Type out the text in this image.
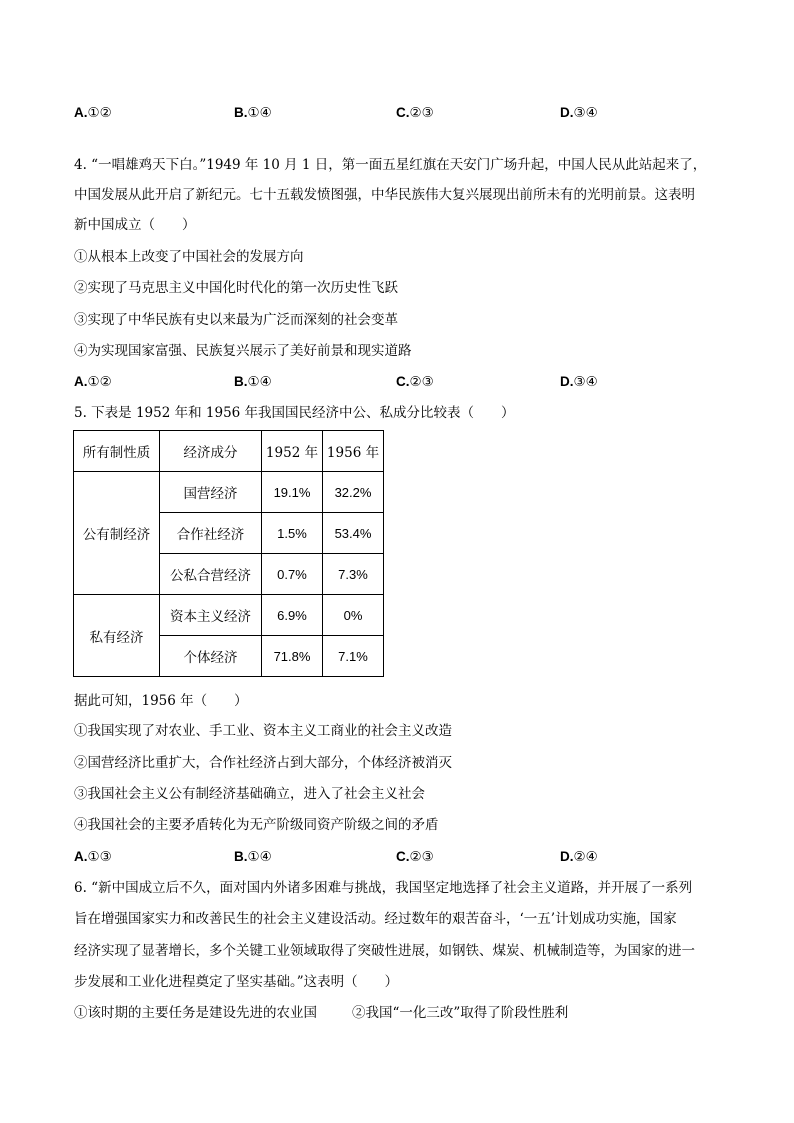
A.①②	B.①④	C.②③	D.③④
4. “一唱雄鸡天下白。”1949 年 10 月 1 日，第一面五星红旗在天安门广场升起，中国人民从此站起来了，
中国发展从此开启了新纪元。七十五载发愤图强，中华民族伟大复兴展现出前所未有的光明前景。这表明
新中国成立（　　）
①从根本上改变了中国社会的发展方向
②实现了马克思主义中国化时代化的第一次历史性飞跃
③实现了中华民族有史以来最为广泛而深刻的社会变革
④为实现国家富强、民族复兴展示了美好前景和现实道路
A.①②	B.①④	C.②③	D.③④
5. 下表是 1952 年和 1956 年我国国民经济中公、私成分比较表（　　）
所有制性质	经济成分	1952 年	1956 年
公有制经济	国营经济	19.1%	32.2%
	合作社经济	1.5%	53.4%
	公私合营经济	0.7%	7.3%
私有经济	资本主义经济	6.9%	0%
	个体经济	71.8%	7.1%
据此可知，1956 年（　　）
①我国实现了对农业、手工业、资本主义工商业的社会主义改造
②国营经济比重扩大，合作社经济占到大部分，个体经济被消灭
③我国社会主义公有制经济基础确立，进入了社会主义社会
④我国社会的主要矛盾转化为无产阶级同资产阶级之间的矛盾
A.①③	B.①④	C.②③	D.②④
6. “新中国成立后不久，面对国内外诸多困难与挑战，我国坚定地选择了社会主义道路，并开展了一系列
旨在增强国家实力和改善民生的社会主义建设活动。经过数年的艰苦奋斗，‘一五’计划成功实施，国家
经济实现了显著增长，多个关键工业领域取得了突破性进展，如钢铁、煤炭、机械制造等，为国家的进一
步发展和工业化进程奠定了坚实基础。”这表明（　　）
①该时期的主要任务是建设先进的农业国	②我国“一化三改”取得了阶段性胜利
